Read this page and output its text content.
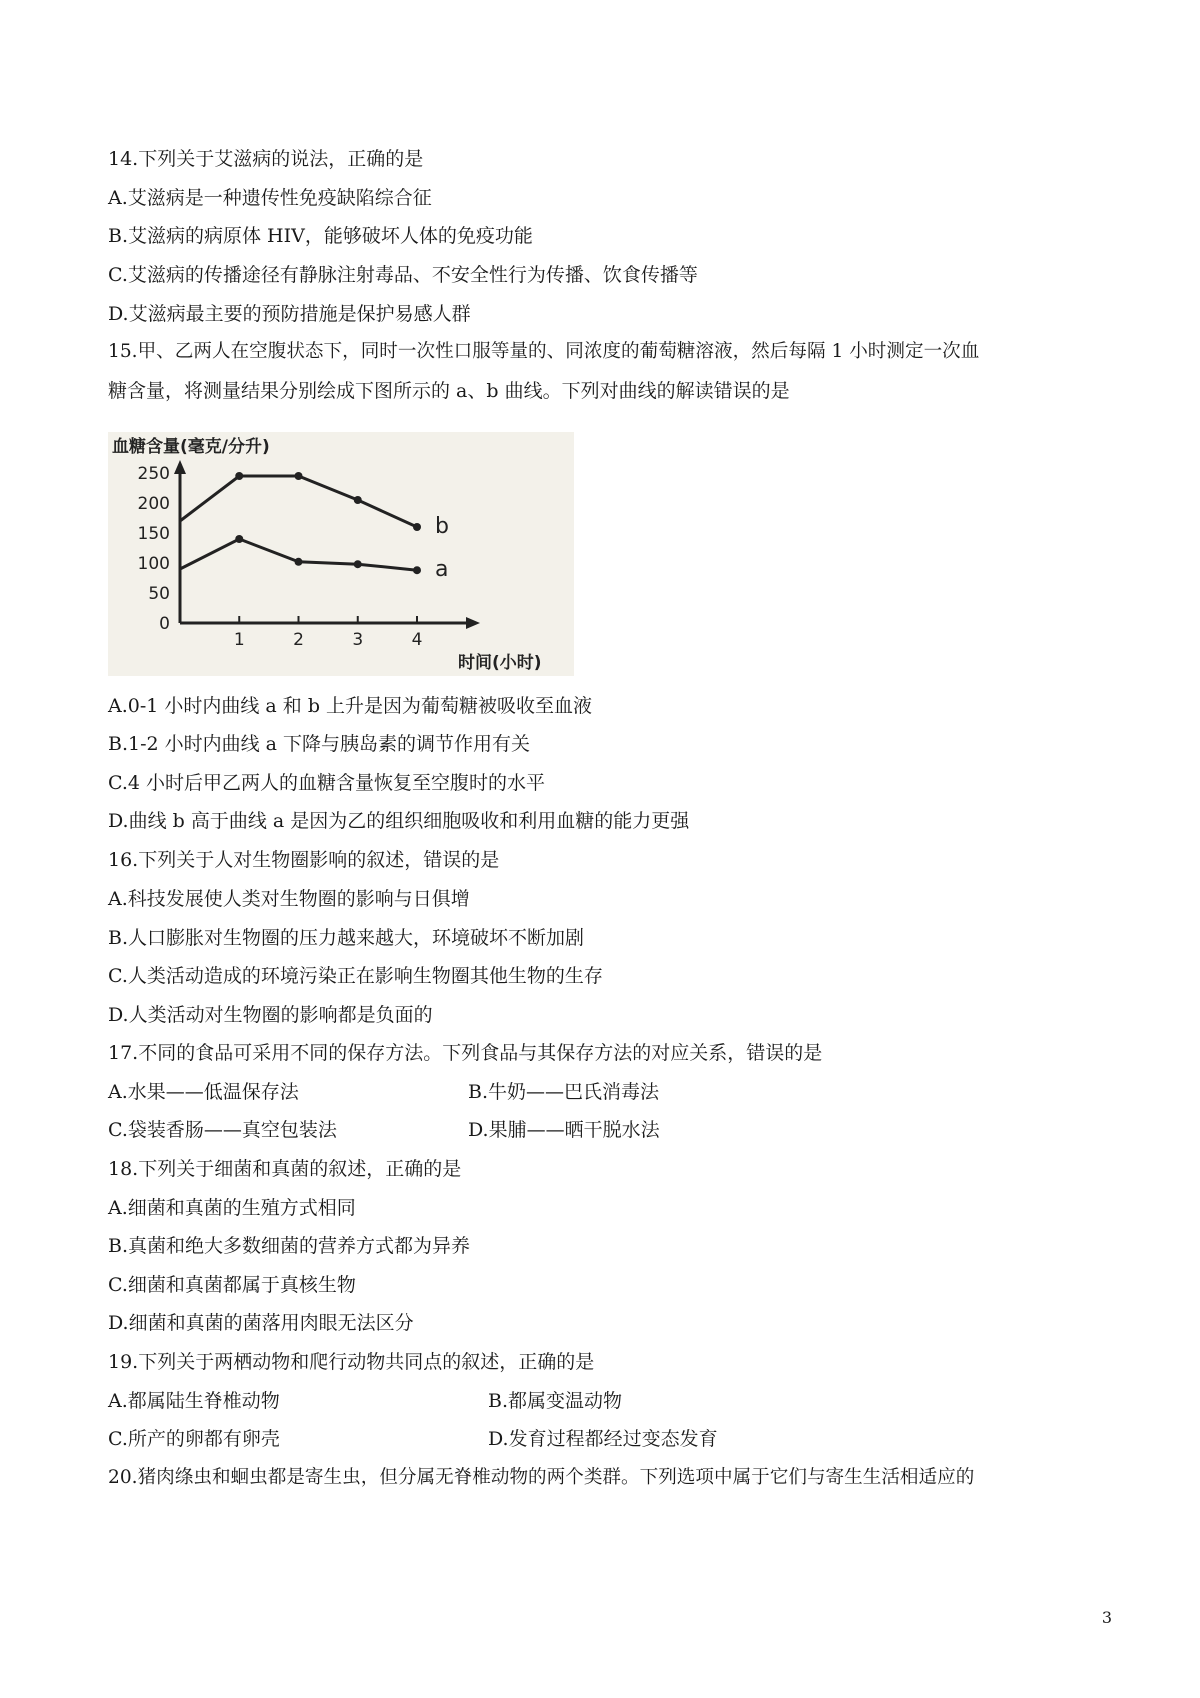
14.下列关于艾滋病的说法，正确的是
A.艾滋病是一种遗传性免疫缺陷综合征
B.艾滋病的病原体 HIV，能够破坏人体的免疫功能
C.艾滋病的传播途径有静脉注射毒品、不安全性行为传播、饮食传播等
D.艾滋病最主要的预防措施是保护易感人群
15.甲、乙两人在空腹状态下，同时一次性口服等量的、同浓度的葡萄糖溶液，然后每隔 1 小时测定一次血
糖含量，将测量结果分别绘成下图所示的 a、b 曲线。下列对曲线的解读错误的是
血糖含量(毫克/分升)
0
50
100
150
200
250
1	2	3	4
b
a
时间(小时)
A.0-1 小时内曲线 a 和 b 上升是因为葡萄糖被吸收至血液
B.1-2 小时内曲线 a 下降与胰岛素的调节作用有关
C.4 小时后甲乙两人的血糖含量恢复至空腹时的水平
D.曲线 b 高于曲线 a 是因为乙的组织细胞吸收和利用血糖的能力更强
16.下列关于人对生物圈影响的叙述，错误的是
A.科技发展使人类对生物圈的影响与日俱增
B.人口膨胀对生物圈的压力越来越大，环境破坏不断加剧
C.人类活动造成的环境污染正在影响生物圈其他生物的生存
D.人类活动对生物圈的影响都是负面的
17.不同的食品可采用不同的保存方法。下列食品与其保存方法的对应关系，错误的是
A.水果——低温保存法	B.牛奶——巴氏消毒法
C.袋装香肠——真空包装法	D.果脯——晒干脱水法
18.下列关于细菌和真菌的叙述，正确的是
A.细菌和真菌的生殖方式相同
B.真菌和绝大多数细菌的营养方式都为异养
C.细菌和真菌都属于真核生物
D.细菌和真菌的菌落用肉眼无法区分
19.下列关于两栖动物和爬行动物共同点的叙述，正确的是
A.都属陆生脊椎动物	B.都属变温动物
C.所产的卵都有卵壳	D.发育过程都经过变态发育
20.猪肉绦虫和蛔虫都是寄生虫，但分属无脊椎动物的两个类群。下列选项中属于它们与寄生生活相适应的
3
